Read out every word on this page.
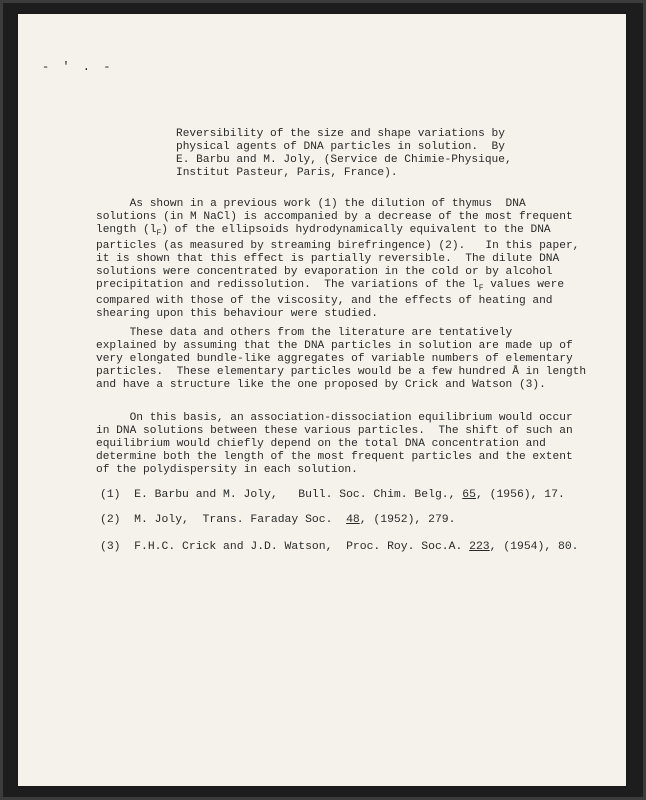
- ' . -
Reversibility of the size and shape variations by
physical agents of DNA particles in solution.  By
E. Barbu and M. Joly, (Service de Chimie-Physique,
Institut Pasteur, Paris, France).
As shown in a previous work (1) the dilution of thymus  DNA
solutions (in M NaCl) is accompanied by a decrease of the most frequent
length $(l_F)$ of the ellipsoids hydrodynamically equivalent to the DNA
particles (as measured by streaming birefringence) (2).   In this paper,
it is shown that this effect is partially reversible.  The dilute DNA
solutions were concentrated by evaporation in the cold or by alcohol
precipitation and redissolution.  The variations of the $l_F$ values were
compared with those of the viscosity, and the effects of heating and
shearing upon this behaviour were studied.
These data and others from the literature are tentatively
explained by assuming that the DNA particles in solution are made up of
very elongated bundle-like aggregates of variable numbers of elementary
particles.  These elementary particles would be a few hundred Å in length
and have a structure like the one proposed by Crick and Watson (3).
On this basis, an association-dissociation equilibrium would occur
in DNA solutions between these various particles.  The shift of such an
equilibrium would chiefly depend on the total DNA concentration and
determine both the length of the most frequent particles and the extent
of the polydispersity in each solution.
(1)  E. Barbu and M. Joly,   Bull. Soc. Chim. Belg., 65, (1956), 17.
(2)  M. Joly,  Trans. Faraday Soc.  48, (1952), 279.
(3)  F.H.C. Crick and J.D. Watson,  Proc. Roy. Soc.A. 223, (1954), 80.
